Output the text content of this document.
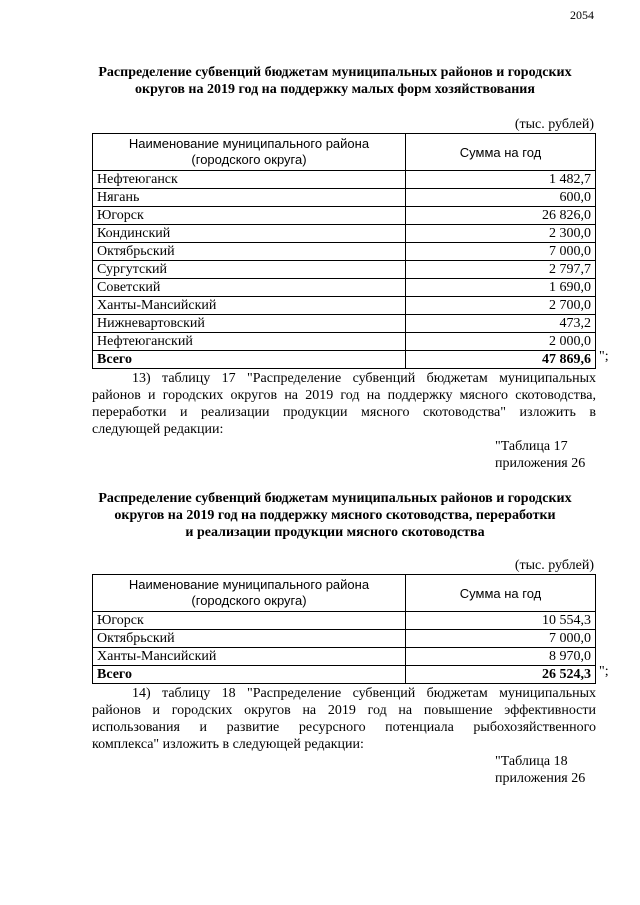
2054
Распределение субвенций бюджетам муниципальных районов и городских
округов на 2019 год на поддержку малых форм хозяйствования
(тыс. рублей)
Наименование муниципального района
(городского округа)	Сумма на год
Нефтеюганск	1 482,7
Нягань	600,0
Югорск	26 826,0
Кондинский	2 300,0
Октябрьский	7 000,0
Сургутский	2 797,7
Советский	1 690,0
Ханты-Мансийский	2 700,0
Нижневартовский	473,2
Нефтеюганский	2 000,0
Всего	47 869,6 ";
13) таблицу 17 "Распределение субвенций бюджетам муниципальных
районов и городских округов на 2019 год на поддержку мясного скотоводства,
переработки и реализации продукции мясного скотоводства" изложить в
следующей редакции:
"Таблица 17
приложения 26
Распределение субвенций бюджетам муниципальных районов и городских
округов на 2019 год на поддержку мясного скотоводства, переработки
и реализации продукции мясного скотоводства
(тыс. рублей)
Наименование муниципального района
(городского округа)	Сумма на год
Югорск	10 554,3
Октябрьский	7 000,0
Ханты-Мансийский	8 970,0
Всего	26 524,3 ";
14) таблицу 18 "Распределение субвенций бюджетам муниципальных
районов и городских округов на 2019 год на повышение эффективности
использования и развитие ресурсного потенциала рыбохозяйственного
комплекса" изложить в следующей редакции:
"Таблица 18
приложения 26
